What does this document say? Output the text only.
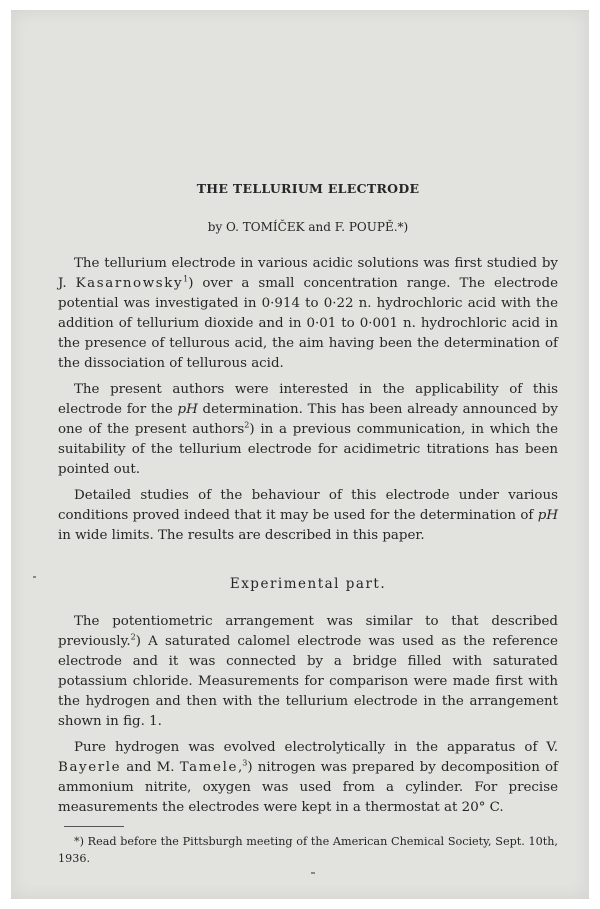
THE TELLURIUM ELECTRODE
by O. TOMÍČEK and F. POUPĚ.*)

The tellurium electrode in various acidic solutions was first studied by J. Kasarnowsky$^1$) over a small concentration range. The electrode potential was investigated in 0·914 to 0·22 n. hydrochloric acid with the addition of tellurium dioxide and in 0·01 to 0·001 n. hydrochloric acid in the presence of tellurous acid, the aim having been the determination of the dissociation of tellurous acid.

The present authors were interested in the applicability of this electrode for the pH determination. This has been already announced by one of the present authors$^2$) in a previous communication, in which the suitability of the tellurium electrode for acidimetric titrations has been pointed out.

Detailed studies of the behaviour of this electrode under various conditions proved indeed that it may be used for the determination of pH in wide limits. The results are described in this paper.

Experimental part.

The potentiometric arrangement was similar to that described previously.$^2$) A saturated calomel electrode was used as the reference electrode and it was connected by a bridge filled with saturated potassium chloride. Measurements for comparison were made first with the hydrogen and then with the tellurium electrode in the arrangement shown in fig. 1.

Pure hydrogen was evolved electrolytically in the apparatus of V. Bayerle and M. Tamele,$^3$) nitrogen was prepared by decomposition of ammonium nitrite, oxygen was used from a cylinder. For precise measurements the electrodes were kept in a thermostat at 20° C.

*) Read before the Pittsburgh meeting of the American Chemical Society, Sept. 10th, 1936.
